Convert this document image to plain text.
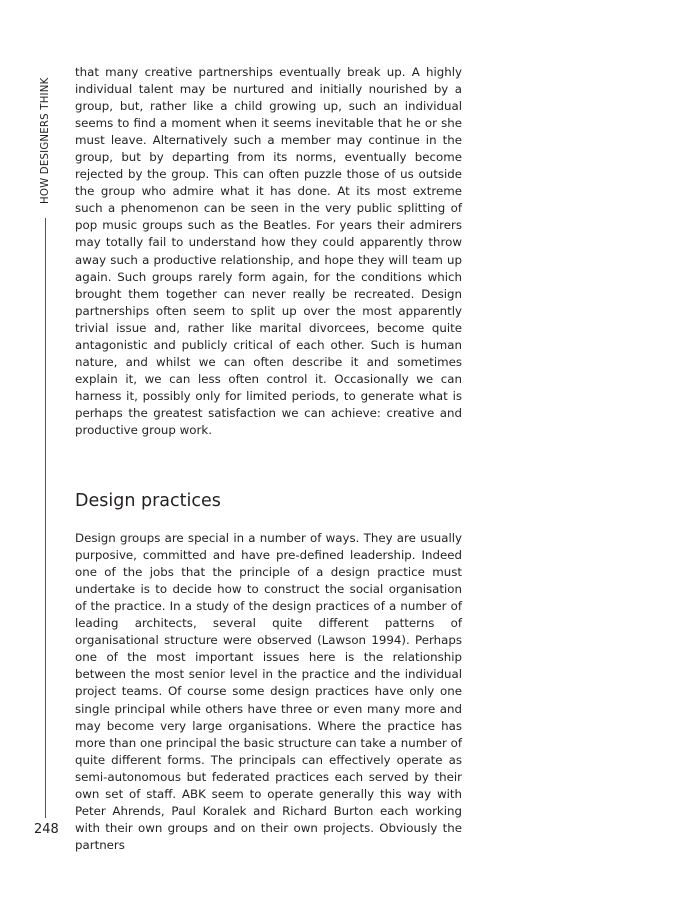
HOW DESIGNERS THINK
248

that many creative partnerships eventually break up. A highly individual talent may be nurtured and initially nourished by a group, but, rather like a child growing up, such an individual seems to find a moment when it seems inevitable that he or she must leave. Alternatively such a member may continue in the group, but by departing from its norms, eventually become rejected by the group. This can often puzzle those of us outside the group who admire what it has done. At its most extreme such a phenomenon can be seen in the very public splitting of pop music groups such as the Beatles. For years their admirers may totally fail to understand how they could apparently throw away such a productive relationship, and hope they will team up again. Such groups rarely form again, for the conditions which brought them together can never really be recreated. Design partnerships often seem to split up over the most apparently trivial issue and, rather like marital divorcees, become quite antagonistic and publicly critical of each other. Such is human nature, and whilst we can often describe it and sometimes explain it, we can less often control it. Occasionally we can harness it, possibly only for limited periods, to generate what is perhaps the greatest satisfaction we can achieve: creative and productive group work.

Design practices

Design groups are special in a number of ways. They are usually purposive, committed and have pre-defined leadership. Indeed one of the jobs that the principle of a design practice must undertake is to decide how to construct the social organisation of the practice. In a study of the design practices of a number of leading architects, several quite different patterns of organisational structure were observed (Lawson 1994). Perhaps one of the most important issues here is the relationship between the most senior level in the practice and the individual project teams. Of course some design practices have only one single principal while others have three or even many more and may become very large organisations. Where the practice has more than one principal the basic structure can take a number of quite different forms. The principals can effectively operate as semi-autonomous but federated practices each served by their own set of staff. ABK seem to operate generally this way with Peter Ahrends, Paul Koralek and Richard Burton each working with their own groups and on their own projects. Obviously the partners
